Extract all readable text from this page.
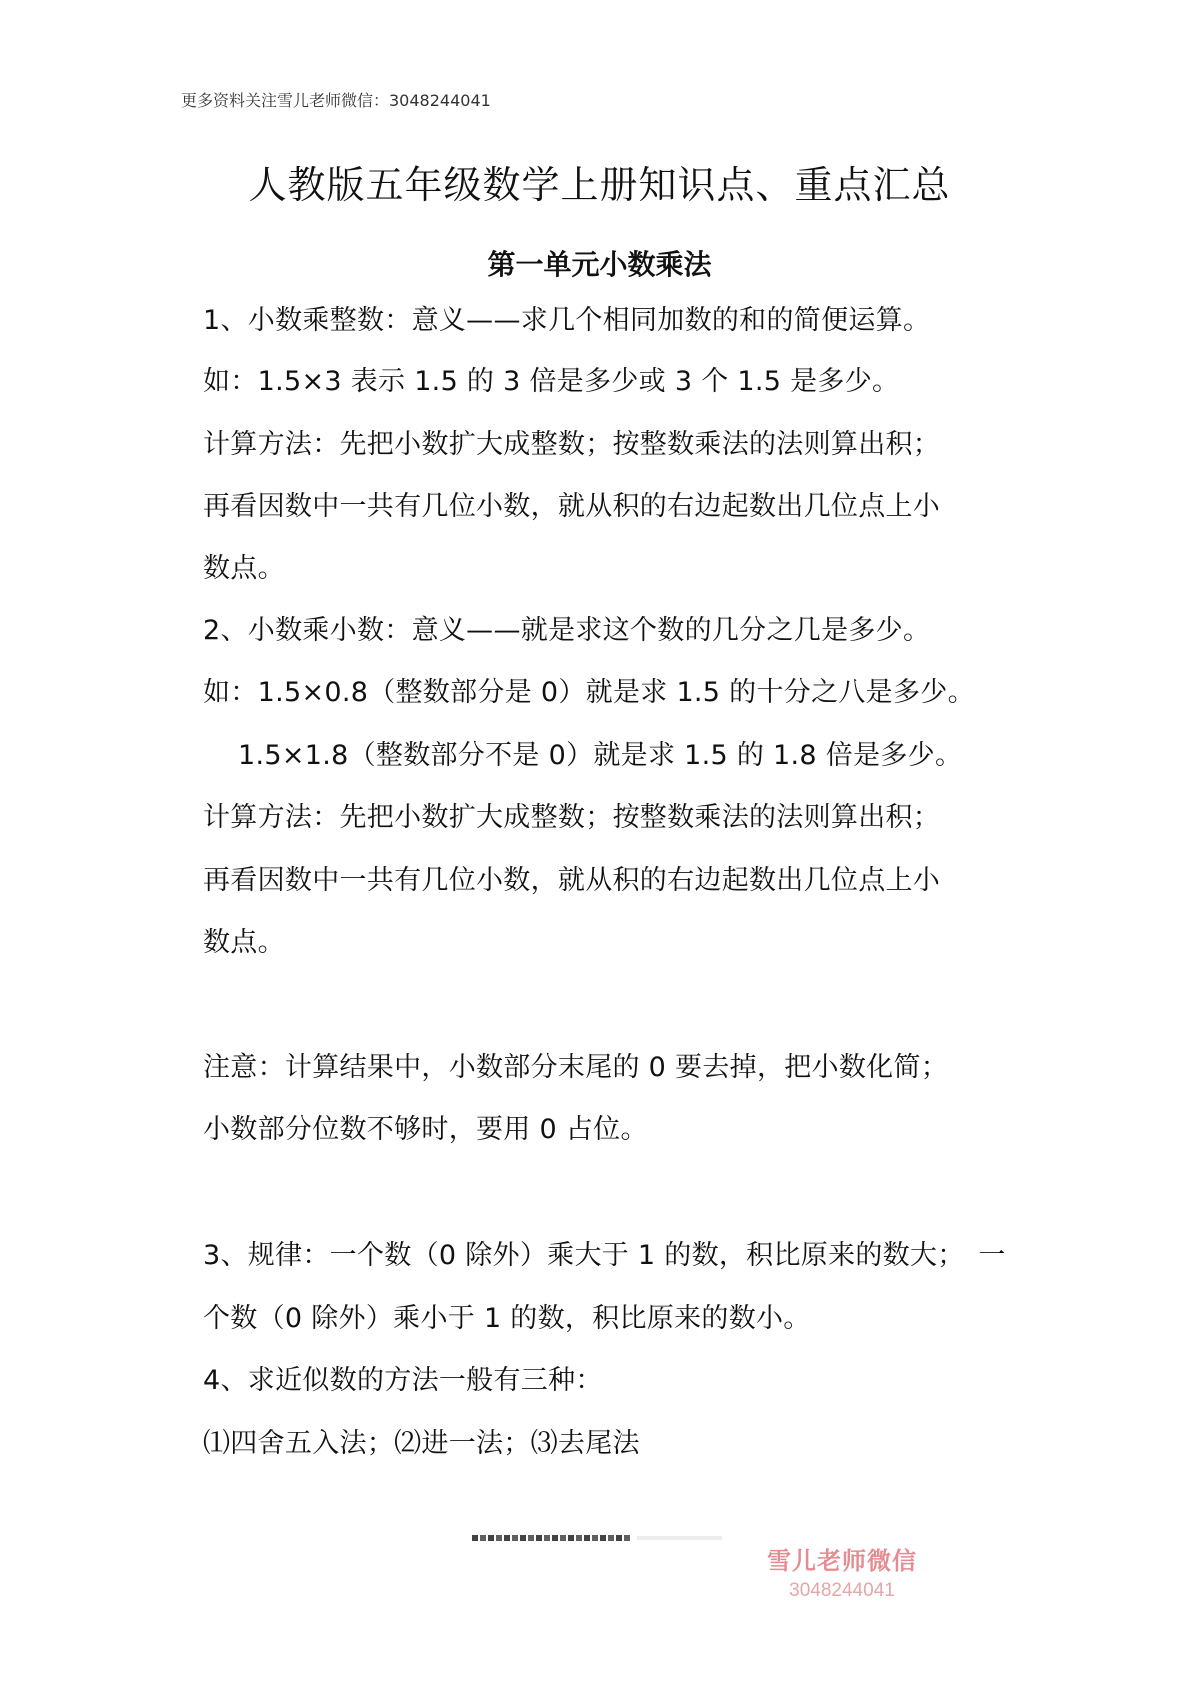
更多资料关注雪儿老师微信：3048244041
人教版五年级数学上册知识点、重点汇总
第一单元小数乘法
1、小数乘整数：意义——求几个相同加数的和的简便运算。
如：1.5×3 表示 1.5 的 3 倍是多少或 3 个 1.5 是多少。
计算方法：先把小数扩大成整数；按整数乘法的法则算出积；
再看因数中一共有几位小数，就从积的右边起数出几位点上小
数点。
2、小数乘小数：意义——就是求这个数的几分之几是多少。
如：1.5×0.8（整数部分是 0）就是求 1.5 的十分之八是多少。
1.5×1.8（整数部分不是 0）就是求 1.5 的 1.8 倍是多少。
计算方法：先把小数扩大成整数；按整数乘法的法则算出积；
再看因数中一共有几位小数，就从积的右边起数出几位点上小
数点。
注意：计算结果中，小数部分末尾的 0 要去掉，把小数化简；
小数部分位数不够时，要用 0 占位。
3、规律：一个数（0 除外）乘大于 1 的数，积比原来的数大；　一
个数（0 除外）乘小于 1 的数，积比原来的数小。
4、求近似数的方法一般有三种：
⑴四舍五入法；⑵进一法；⑶去尾法
雪儿老师微信
3048244041
